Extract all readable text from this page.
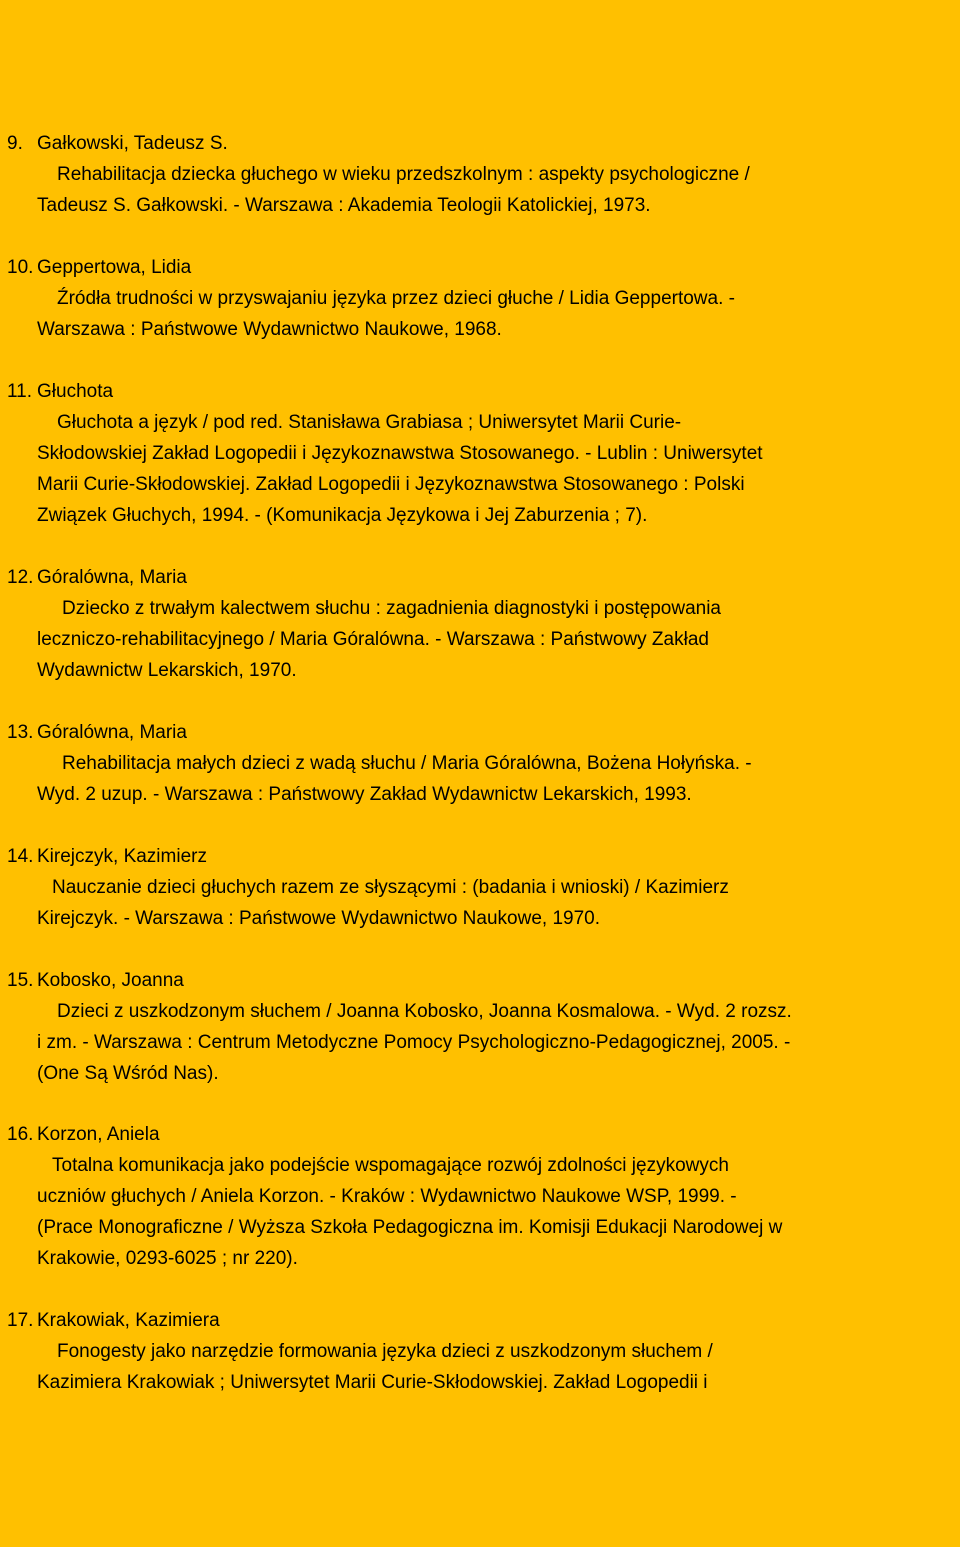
9. Gałkowski, Tadeusz S.
Rehabilitacja dziecka głuchego w wieku przedszkolnym : aspekty psychologiczne /
Tadeusz S. Gałkowski. - Warszawa : Akademia Teologii Katolickiej, 1973.
10. Geppertowa, Lidia
Źródła trudności w przyswajaniu języka przez dzieci głuche / Lidia Geppertowa. -
Warszawa : Państwowe Wydawnictwo Naukowe, 1968.
11. Głuchota
Głuchota a język / pod red. Stanisława Grabiasa ; Uniwersytet Marii Curie-
Skłodowskiej Zakład Logopedii i Językoznawstwa Stosowanego. - Lublin : Uniwersytet
Marii Curie-Skłodowskiej. Zakład Logopedii i Językoznawstwa Stosowanego : Polski
Związek Głuchych, 1994. - (Komunikacja Językowa i Jej Zaburzenia ; 7).
12. Góralówna, Maria
Dziecko z trwałym kalectwem słuchu : zagadnienia diagnostyki i postępowania
leczniczo-rehabilitacyjnego / Maria Góralówna. - Warszawa : Państwowy Zakład
Wydawnictw Lekarskich, 1970.
13. Góralówna, Maria
Rehabilitacja małych dzieci z wadą słuchu / Maria Góralówna, Bożena Hołyńska. -
Wyd. 2 uzup. - Warszawa : Państwowy Zakład Wydawnictw Lekarskich, 1993.
14. Kirejczyk, Kazimierz
Nauczanie dzieci głuchych razem ze słyszącymi : (badania i wnioski) / Kazimierz
Kirejczyk. - Warszawa : Państwowe Wydawnictwo Naukowe, 1970.
15. Kobosko, Joanna
Dzieci z uszkodzonym słuchem / Joanna Kobosko, Joanna Kosmalowa. - Wyd. 2 rozsz.
i zm. - Warszawa : Centrum Metodyczne Pomocy Psychologiczno-Pedagogicznej, 2005. -
(One Są Wśród Nas).
16. Korzon, Aniela
Totalna komunikacja jako podejście wspomagające rozwój zdolności językowych
uczniów głuchych / Aniela Korzon. - Kraków : Wydawnictwo Naukowe WSP, 1999. -
(Prace Monograficzne / Wyższa Szkoła Pedagogiczna im. Komisji Edukacji Narodowej w
Krakowie, 0293-6025 ; nr 220).
17. Krakowiak, Kazimiera
Fonogesty jako narzędzie formowania języka dzieci z uszkodzonym słuchem /
Kazimiera Krakowiak ; Uniwersytet Marii Curie-Skłodowskiej. Zakład Logopedii i
